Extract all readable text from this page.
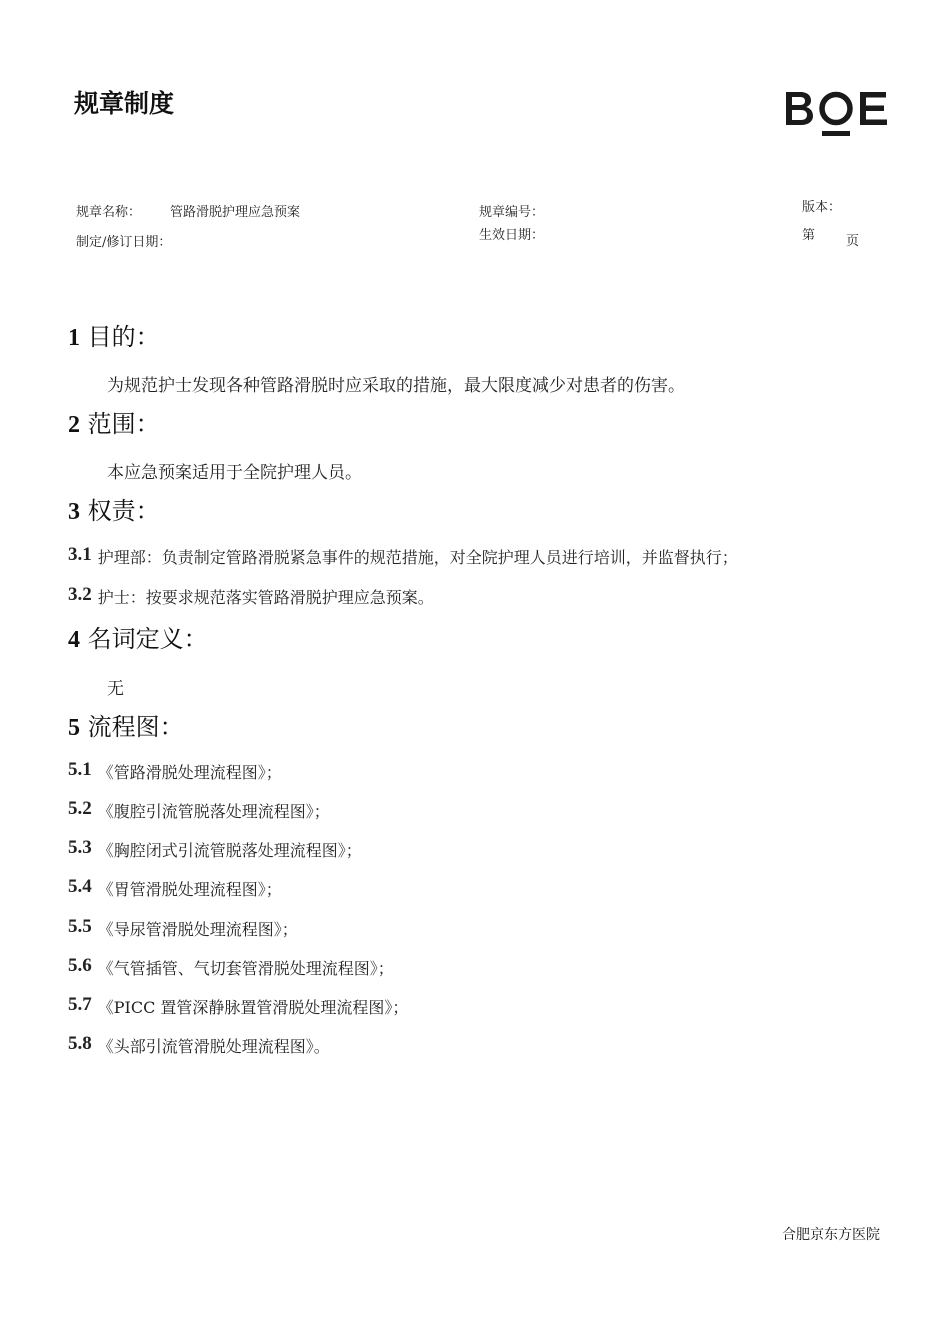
规章制度
规章名称： 管路滑脱护理应急预案	规章编号：	版本：
制定/修订日期：	生效日期：	第 页
1 目的：
为规范护士发现各种管路滑脱时应采取的措施，最大限度减少对患者的伤害。
2 范围：
本应急预案适用于全院护理人员。
3 权责：
3.1 护理部：负责制定管路滑脱紧急事件的规范措施，对全院护理人员进行培训，并监督执行；
3.2 护士：按要求规范落实管路滑脱护理应急预案。
4 名词定义：
无
5 流程图：
5.1 《管路滑脱处理流程图》；
5.2 《腹腔引流管脱落处理流程图》；
5.3 《胸腔闭式引流管脱落处理流程图》；
5.4 《胃管滑脱处理流程图》；
5.5 《导尿管滑脱处理流程图》；
5.6 《气管插管、气切套管滑脱处理流程图》；
5.7 《PICC 置管深静脉置管滑脱处理流程图》；
5.8 《头部引流管滑脱处理流程图》。
合肥京东方医院
